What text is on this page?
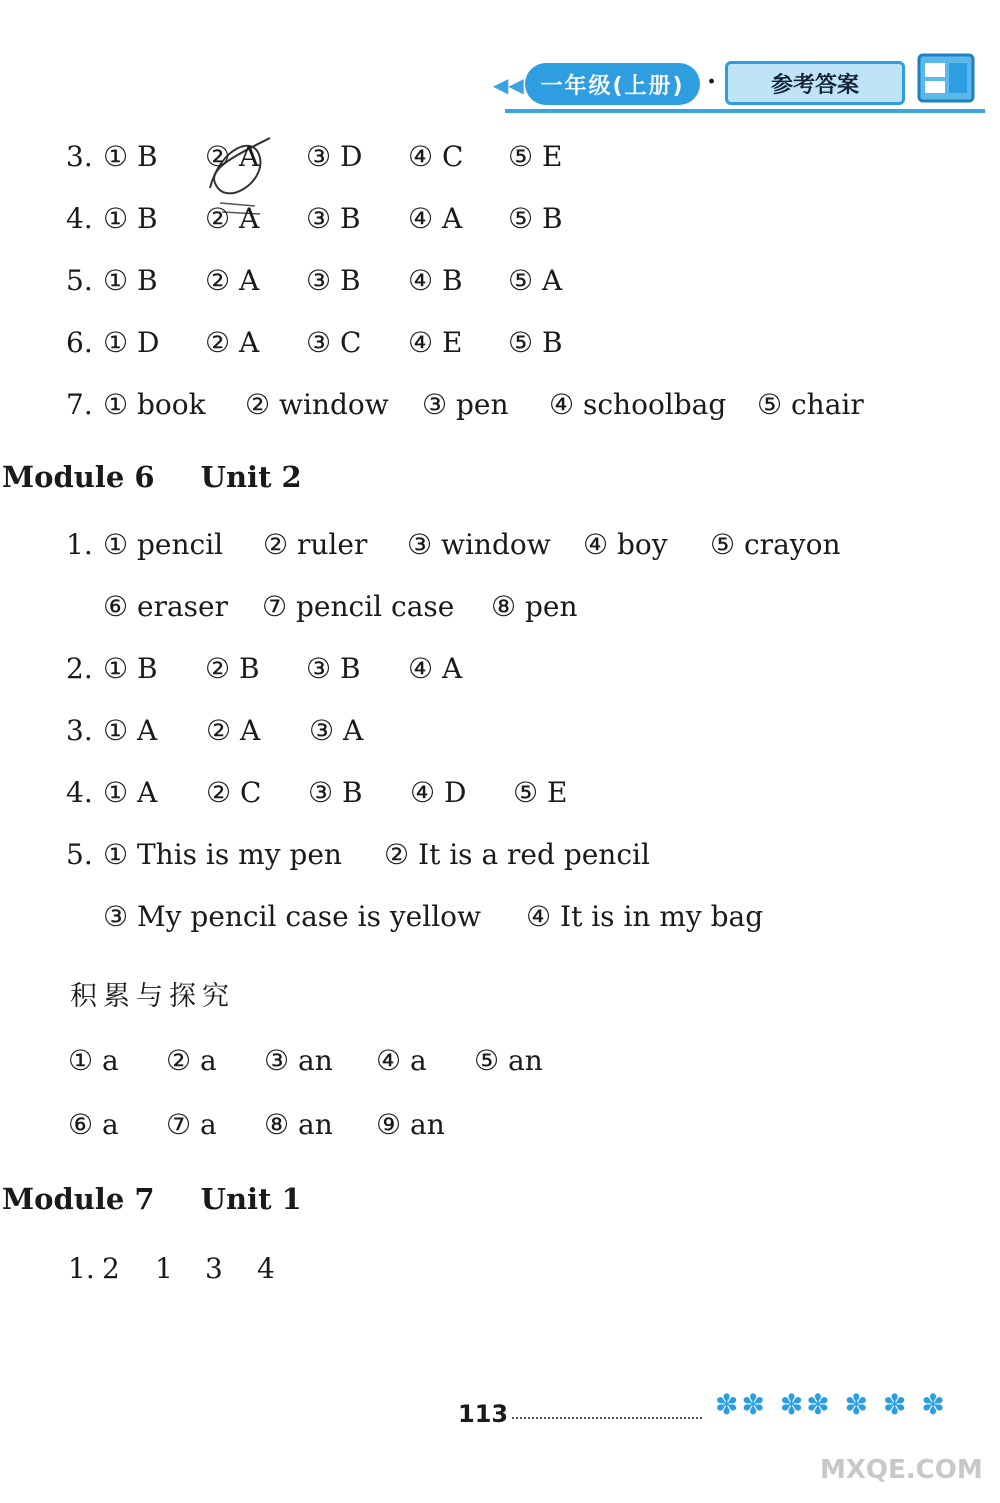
◀◀ 一年级(上册) ·	参考答案
3. ① B ② A ③ D ④ C ⑤ E
4. ① B ② A ③ B ④ A ⑤ B
5. ① B ② A ③ B ④ B ⑤ A
6. ① D ② A ③ C ④ E ⑤ B
7. ① book ② window ③ pen ④ schoolbag ⑤ chair
Module 6 Unit 2
1. ① pencil ② ruler ③ window ④ boy ⑤ crayon
⑥ eraser ⑦ pencil case ⑧ pen
2. ① B ② B ③ B ④ A
3. ① A ② A ③ A
4. ① A ② C ③ B ④ D ⑤ E
5. ① This is my pen ② It is a red pencil
③ My pencil case is yellow ④ It is in my bag
积累与探究
① a ② a ③ an ④ a ⑤ an
⑥ a ⑦ a ⑧ an ⑨ an
Module 7 Unit 1
1. 2 1 3 4
113	✽✽ ✽✽ ✽ ✽ ✽
MXQE.COM
